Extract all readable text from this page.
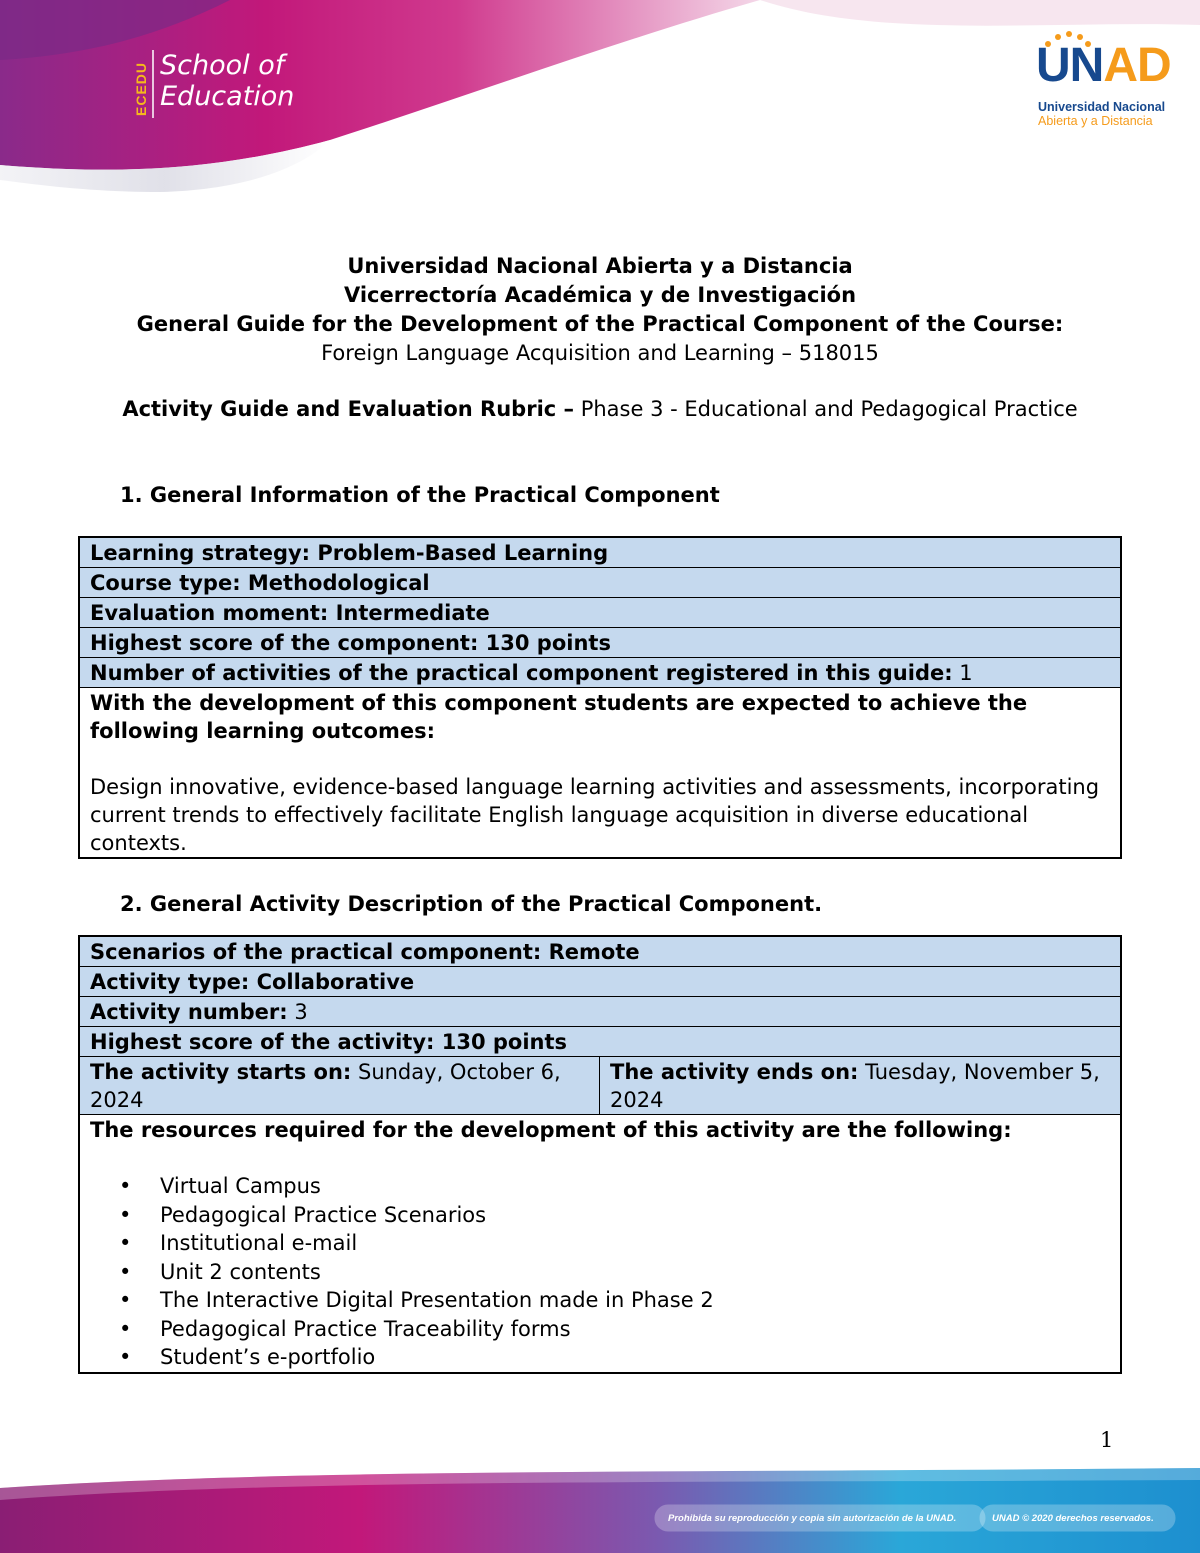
ECEDU School of
Education
UNAD
Universidad Nacional
Abierta y a Distancia
Universidad Nacional Abierta y a Distancia
Vicerrectoría Académica y de Investigación
General Guide for the Development of the Practical Component of the Course:
Foreign Language Acquisition and Learning – 518015
Activity Guide and Evaluation Rubric – Phase 3 - Educational and Pedagogical Practice
1. General Information of the Practical Component
Learning strategy: Problem-Based Learning
Course type: Methodological
Evaluation moment: Intermediate
Highest score of the component: 130 points
Number of activities of the practical component registered in this guide: 1
With the development of this component students are expected to achieve the following learning outcomes:
Design innovative, evidence-based language learning activities and assessments, incorporating current trends to effectively facilitate English language acquisition in diverse educational contexts.
2. General Activity Description of the Practical Component.
Scenarios of the practical component: Remote
Activity type: Collaborative
Activity number: 3
Highest score of the activity: 130 points
The activity starts on: Sunday, October 6, 2024
The activity ends on: Tuesday, November 5, 2024
The resources required for the development of this activity are the following:
• Virtual Campus
• Pedagogical Practice Scenarios
• Institutional e-mail
• Unit 2 contents
• The Interactive Digital Presentation made in Phase 2
• Pedagogical Practice Traceability forms
• Student’s e-portfolio
1
Prohibida su reproducción y copia sin autorización de la UNAD.	UNAD © 2020 derechos reservados.
